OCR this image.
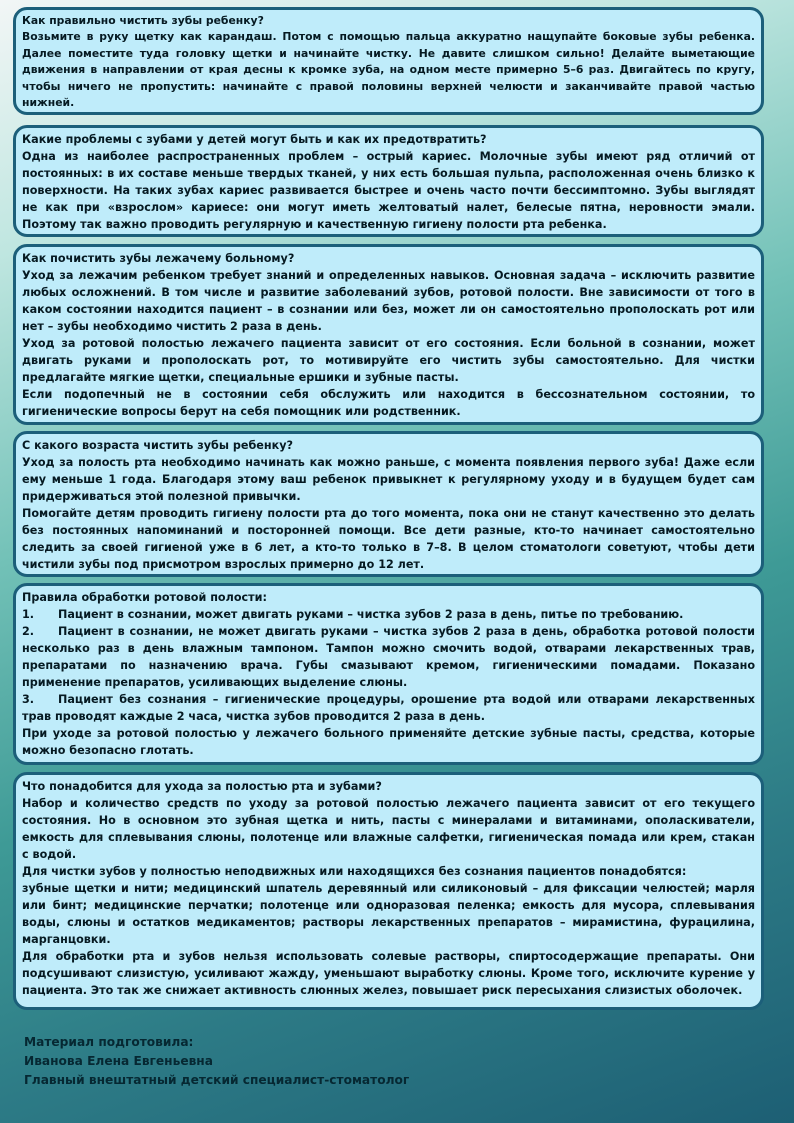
Как правильно чистить зубы ребенку?

Возьмите в руку щетку как карандаш. Потом с помощью пальца аккуратно нащупайте боковые зубы ребенка. Далее поместите туда головку щетки и начинайте чистку. Не давите слишком сильно! Делайте выметающие движения в направлении от края десны к кромке зуба, на одном месте примерно 5–6 раз. Двигайтесь по кругу, чтобы ничего не пропустить: начинайте с правой половины верхней челюсти и заканчивайте правой частью нижней.

Какие проблемы с зубами у детей могут быть и как их предотвратить?

Одна из наиболее распространенных проблем – острый кариес. Молочные зубы имеют ряд отличий от постоянных: в их составе меньше твердых тканей, у них есть большая пульпа, расположенная очень близко к поверхности. На таких зубах кариес развивается быстрее и очень часто почти бессимптомно. Зубы выглядят не как при «взрослом» кариесе: они могут иметь желтоватый налет, белесые пятна, неровности эмали. Поэтому так важно проводить регулярную и качественную гигиену полости рта ребенка.

Как почистить зубы лежачему больному?

Уход за лежачим ребенком требует знаний и определенных навыков. Основная задача – исключить развитие любых осложнений. В том числе и развитие заболеваний зубов, ротовой полости. Вне зависимости от того в каком состоянии находится пациент – в сознании или без, может ли он самостоятельно прополоскать рот или нет – зубы необходимо чистить 2 раза в день.

Уход за ротовой полостью лежачего пациента зависит от его состояния. Если больной в сознании, может двигать руками и прополоскать рот, то мотивируйте его чистить зубы самостоятельно. Для чистки предлагайте мягкие щетки, специальные ершики и зубные пасты.

Если подопечный не в состоянии себя обслужить или находится в бессознательном состоянии, то гигиенические вопросы берут на себя помощник или родственник.

С какого возраста чистить зубы ребенку?

Уход за полость рта необходимо начинать как можно раньше, с момента появления первого зуба! Даже если ему меньше 1 года. Благодаря этому ваш ребенок привыкнет к регулярному уходу и в будущем будет сам придерживаться этой полезной привычки.

Помогайте детям проводить гигиену полости рта до того момента, пока они не станут качественно это делать без постоянных напоминаний и посторонней помощи. Все дети разные, кто-то начинает самостоятельно следить за своей гигиеной уже в 6 лет, а кто-то только в 7–8. В целом стоматологи советуют, чтобы дети чистили зубы под присмотром взрослых примерно до 12 лет.

Правила обработки ротовой полости:

1. Пациент в сознании, может двигать руками – чистка зубов 2 раза в день, питье по требованию.

2. Пациент в сознании, не может двигать руками – чистка зубов 2 раза в день, обработка ротовой полости несколько раз в день влажным тампоном. Тампон можно смочить водой, отварами лекарственных трав, препаратами по назначению врача. Губы смазывают кремом, гигиеническими помадами. Показано применение препаратов, усиливающих выделение слюны.

3. Пациент без сознания – гигиенические процедуры, орошение рта водой или отварами лекарственных трав проводят каждые 2 часа, чистка зубов проводится 2 раза в день.

При уходе за ротовой полостью у лежачего больного применяйте детские зубные пасты, средства, которые можно безопасно глотать.

Что понадобится для ухода за полостью рта и зубами?

Набор и количество средств по уходу за ротовой полостью лежачего пациента зависит от его текущего состояния. Но в основном это зубная щетка и нить, пасты с минералами и витаминами, ополаскиватели, емкость для сплевывания слюны, полотенце или влажные салфетки, гигиеническая помада или крем, стакан с водой.

Для чистки зубов у полностью неподвижных или находящихся без сознания пациентов понадобятся:

зубные щетки и нити; медицинский шпатель деревянный или силиконовый – для фиксации челюстей; марля или бинт; медицинские перчатки; полотенце или одноразовая пеленка; емкость для мусора, сплевывания воды, слюны и остатков медикаментов; растворы лекарственных препаратов – мирамистина, фурацилина, марганцовки.

Для обработки рта и зубов нельзя использовать солевые растворы, спиртосодержащие препараты. Они подсушивают слизистую, усиливают жажду, уменьшают выработку слюны. Кроме того, исключите курение у пациента. Это так же снижает активность слюнных желез, повышает риск пересыхания слизистых оболочек.

Материал подготовила:
Иванова Елена Евгеньевна
Главный внештатный детский специалист-стоматолог
